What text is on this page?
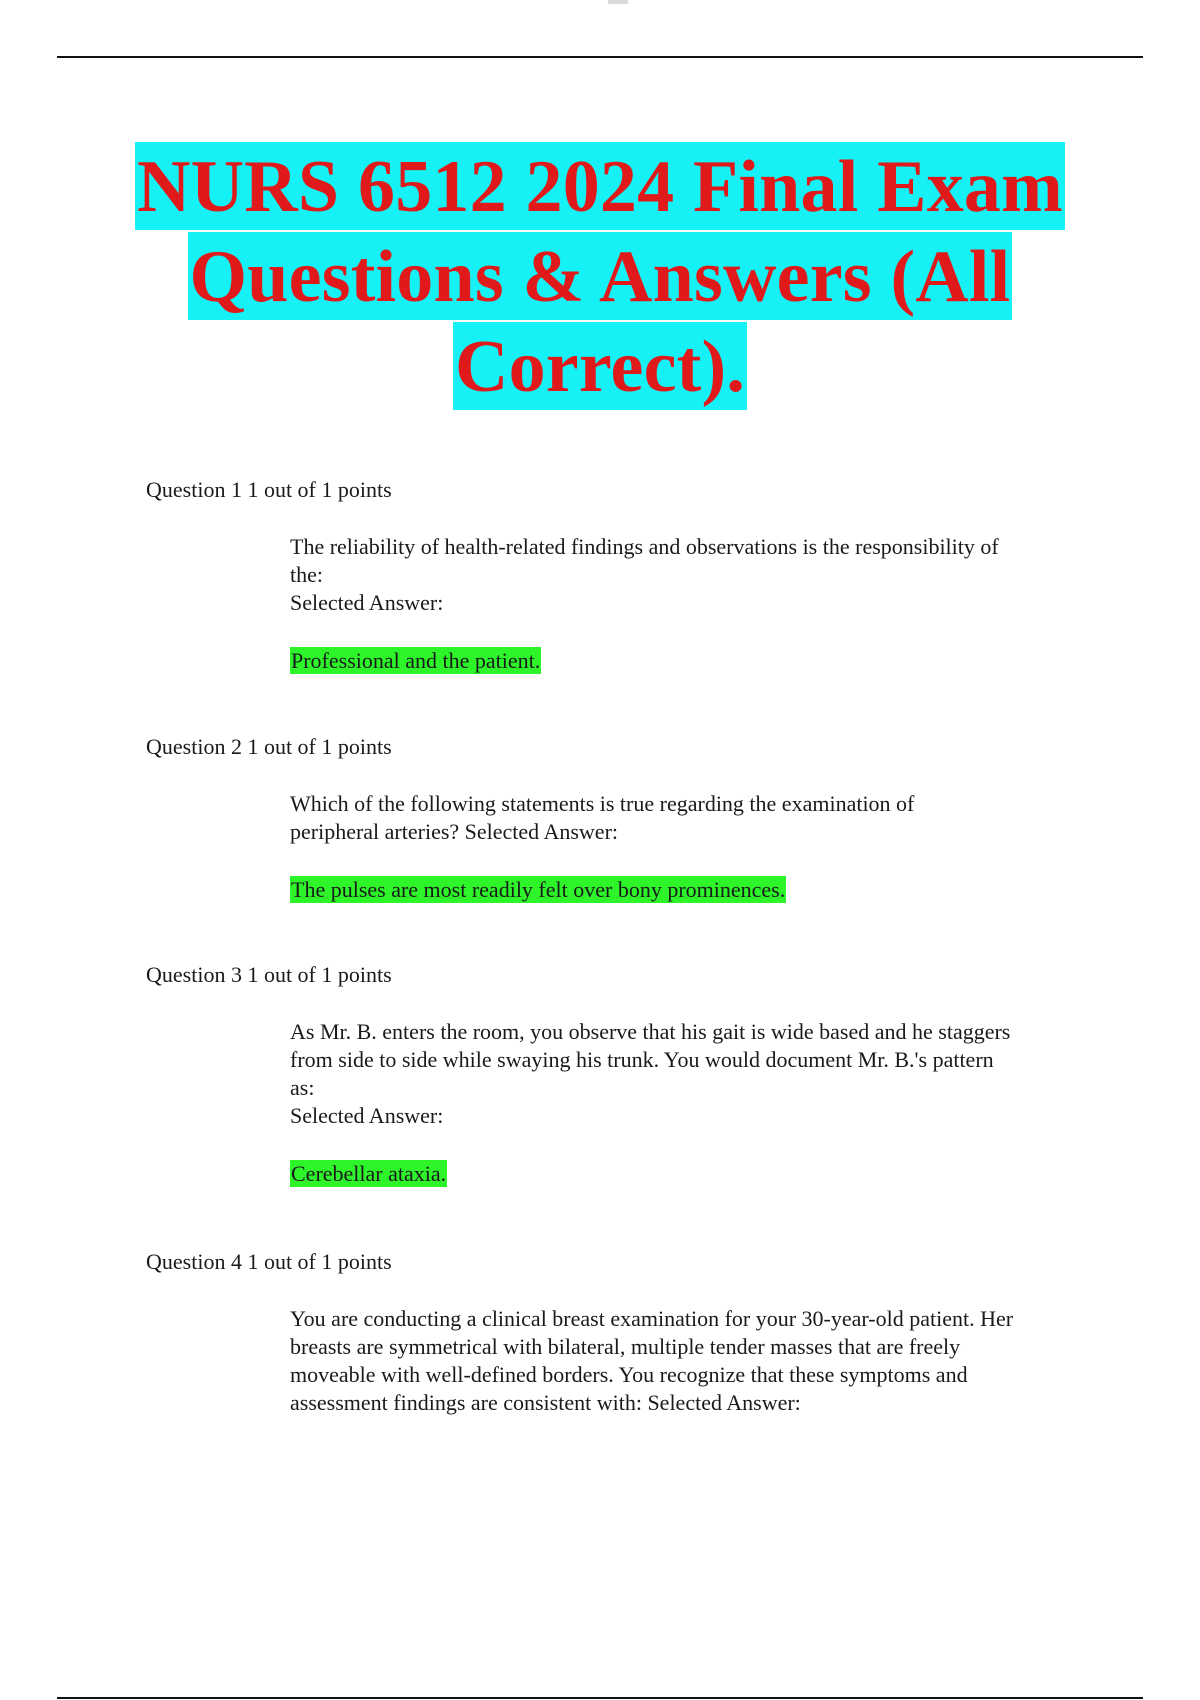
NURS 6512 2024 Final Exam
Questions & Answers (All
Correct).

Question 1 1 out of 1 points

The reliability of health-related findings and observations is the responsibility of

the:

Selected Answer:

Professional and the patient.

Question 2 1 out of 1 points

Which of the following statements is true regarding the examination of

peripheral arteries? Selected Answer:

The pulses are most readily felt over bony prominences.

Question 3 1 out of 1 points

As Mr. B. enters the room, you observe that his gait is wide based and he staggers

from side to side while swaying his trunk. You would document Mr. B.'s pattern

as:

Selected Answer:

Cerebellar ataxia.

Question 4 1 out of 1 points

You are conducting a clinical breast examination for your 30-year-old patient. Her

breasts are symmetrical with bilateral, multiple tender masses that are freely

moveable with well-defined borders. You recognize that these symptoms and

assessment findings are consistent with: Selected Answer:
